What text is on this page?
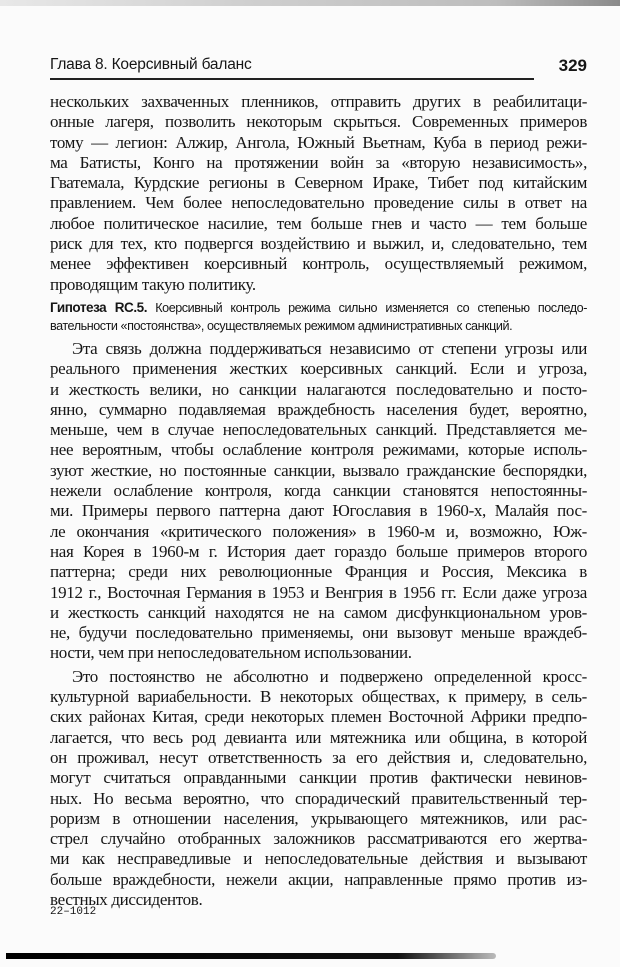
Глава 8. Коерсивный баланс	329
нескольких захваченных пленников, отправить других в реабилитаци-
онные лагеря, позволить некоторым скрыться. Современных примеров
тому — легион: Алжир, Ангола, Южный Вьетнам, Куба в период режи-
ма Батисты, Конго на протяжении войн за «вторую независимость»,
Гватемала, Курдские регионы в Северном Ираке, Тибет под китайским
правлением. Чем более непоследовательно проведение силы в ответ на
любое политическое насилие, тем больше гнев и часто — тем больше
риск для тех, кто подвергся воздействию и выжил, и, следовательно, тем
менее эффективен коерсивный контроль, осуществляемый режимом,
проводящим такую политику.
Гипотеза RC.5. Коерсивный контроль режима сильно изменяется со степенью последо-
вательности «постоянства», осуществляемых режимом административных санкций.
Эта связь должна поддерживаться независимо от степени угрозы или
реального применения жестких коерсивных санкций. Если и угроза,
и жесткость велики, но санкции налагаются последовательно и посто-
янно, суммарно подавляемая враждебность населения будет, вероятно,
меньше, чем в случае непоследовательных санкций. Представляется ме-
нее вероятным, чтобы ослабление контроля режимами, которые исполь-
зуют жесткие, но постоянные санкции, вызвало гражданские беспорядки,
нежели ослабление контроля, когда санкции становятся непостоянны-
ми. Примеры первого паттерна дают Югославия в 1960-х, Малайя пос-
ле окончания «критического положения» в 1960-м и, возможно, Юж-
ная Корея в 1960-м г. История дает гораздо больше примеров второго
паттерна; среди них революционные Франция и Россия, Мексика в
1912 г., Восточная Германия в 1953 и Венгрия в 1956 гг. Если даже угроза
и жесткость санкций находятся не на самом дисфункциональном уров-
не, будучи последовательно применяемы, они вызовут меньше враждеб-
ности, чем при непоследовательном использовании.
Это постоянство не абсолютно и подвержено определенной кросс-
культурной вариабельности. В некоторых обществах, к примеру, в сель-
ских районах Китая, среди некоторых племен Восточной Африки предпо-
лагается, что весь род девианта или мятежника или община, в которой
он проживал, несут ответственность за его действия и, следовательно,
могут считаться оправданными санкции против фактически невинов-
ных. Но весьма вероятно, что спорадический правительственный тер-
роризм в отношении населения, укрывающего мятежников, или рас-
стрел случайно отобранных заложников рассматриваются его жертва-
ми как несправедливые и непоследовательные действия и вызывают
больше враждебности, нежели акции, направленные прямо против из-
вестных диссидентов.
22–1012
